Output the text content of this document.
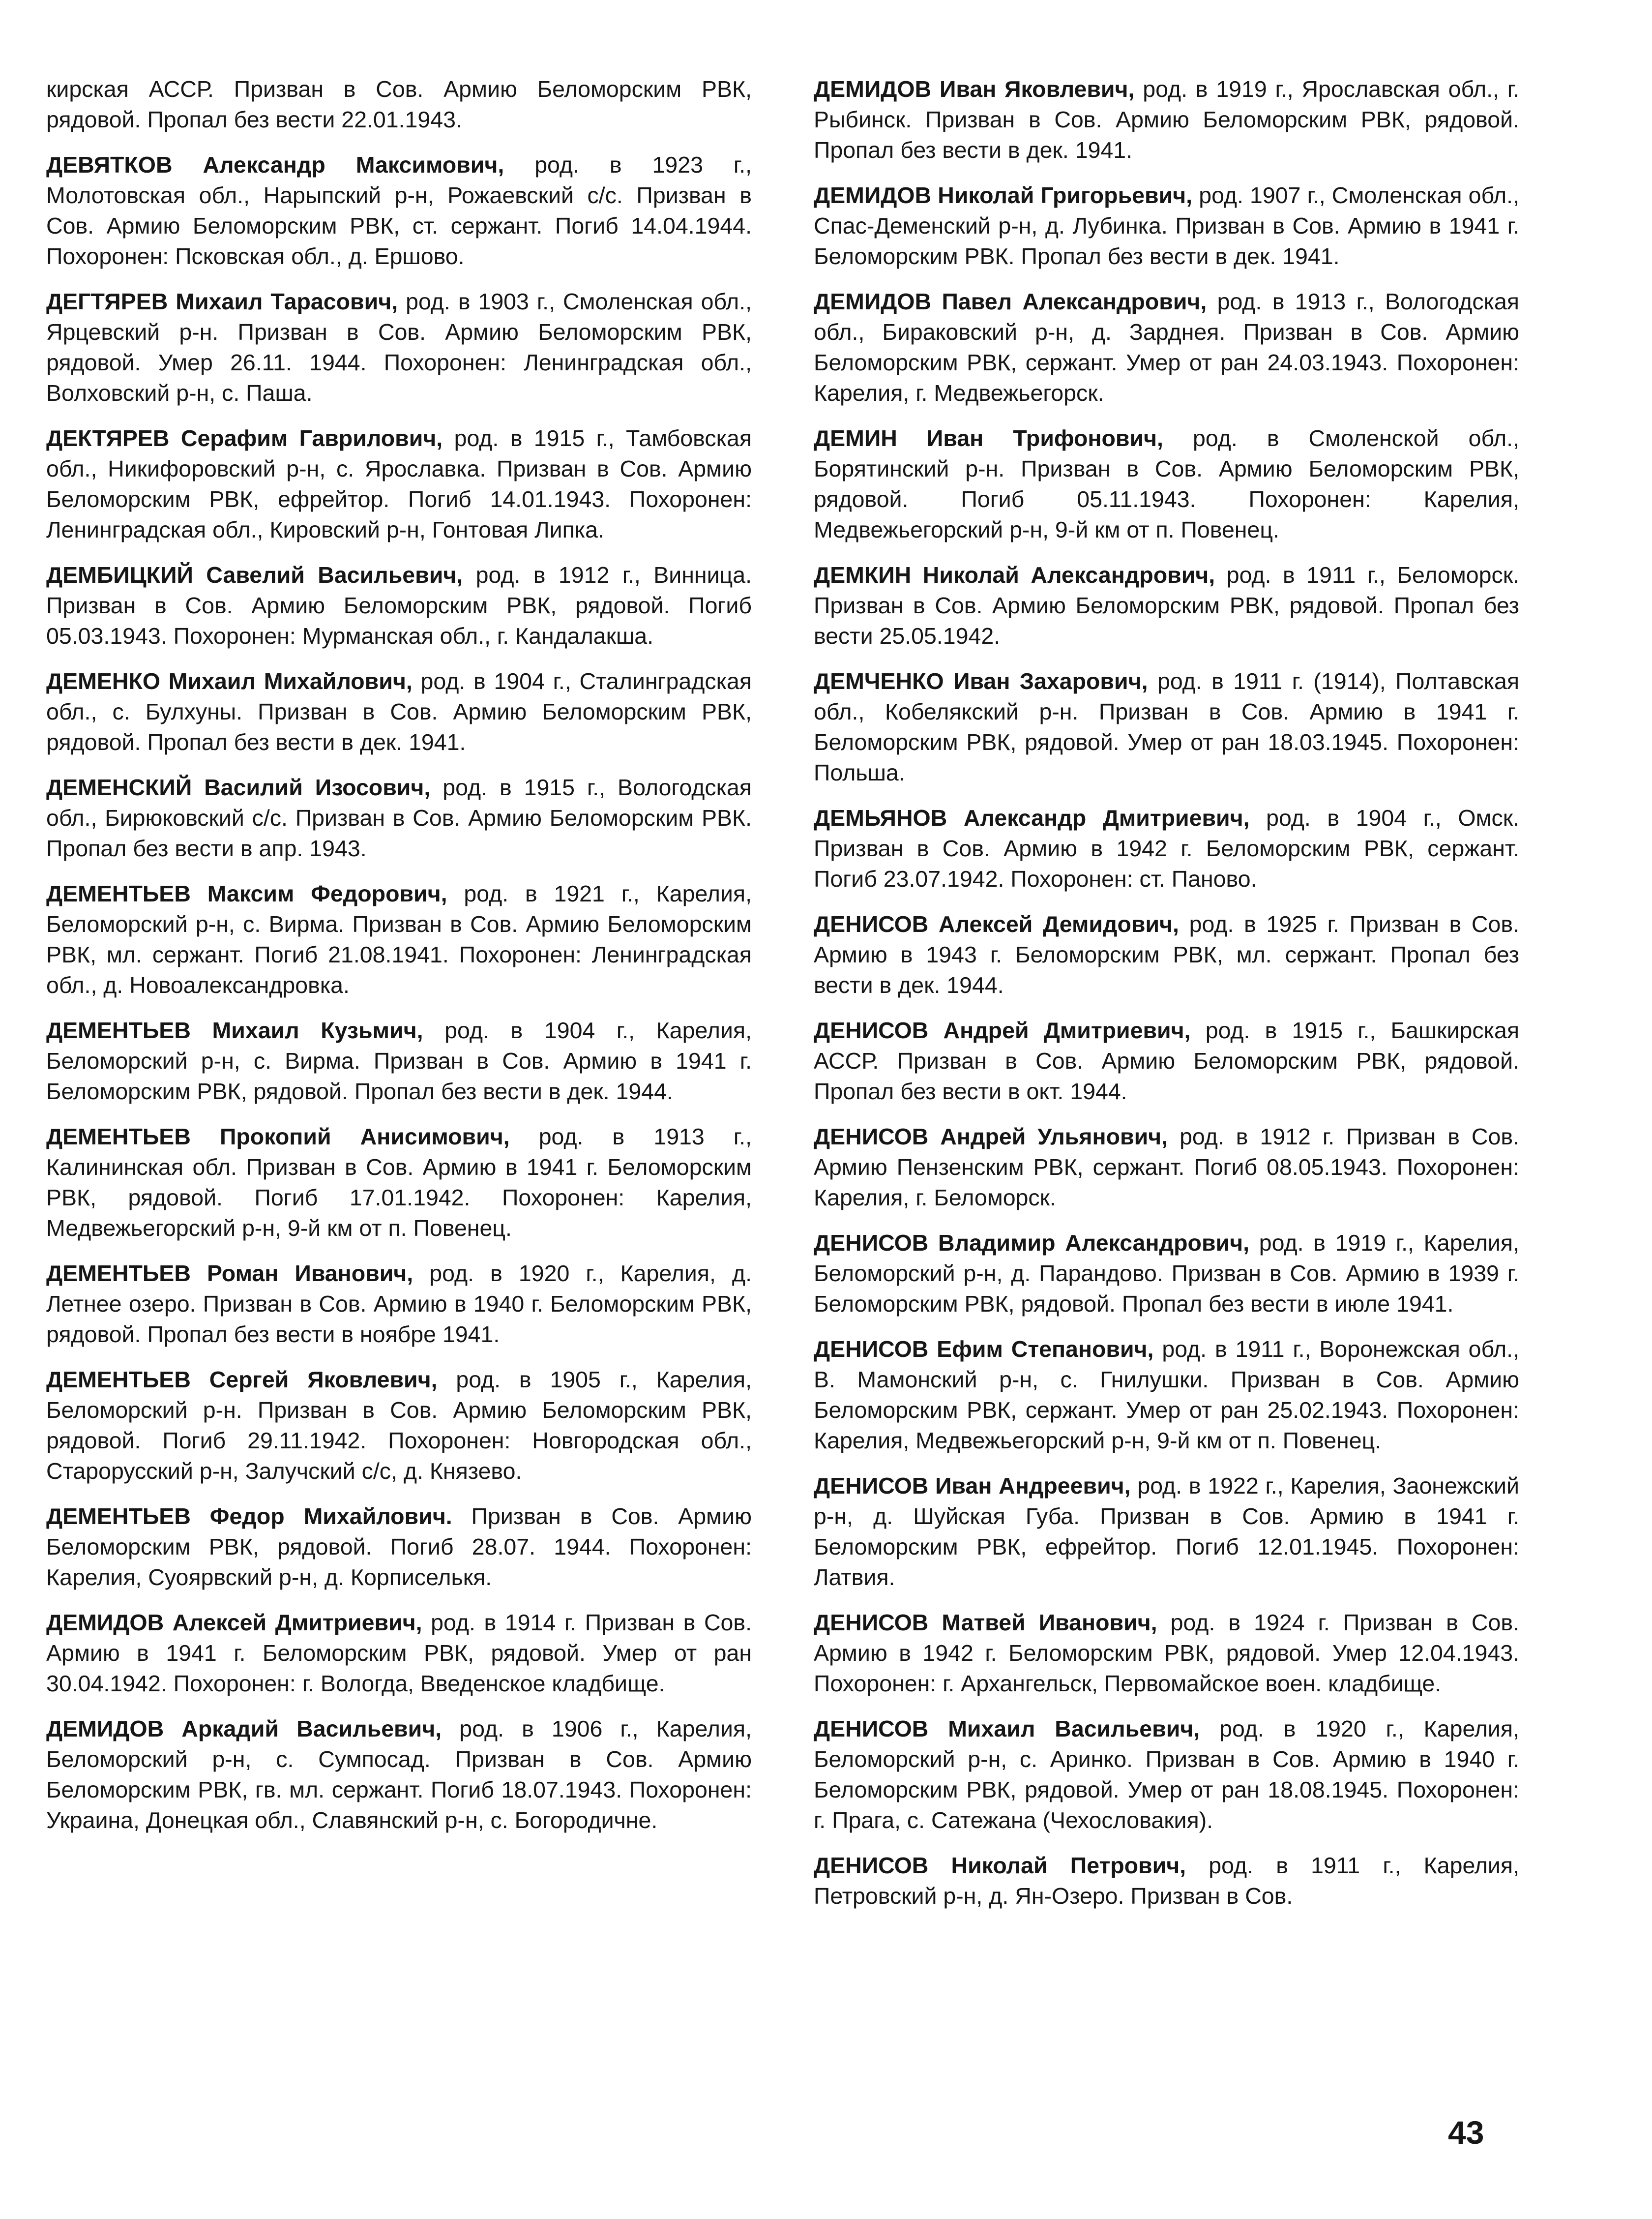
кирская АССР. Призван в Сов. Армию Беломорским РВК, рядовой. Пропал без вести 22.01.1943.

ДЕВЯТКОВ Александр Максимович, род. в 1923 г., Молотовская обл., Нарыпский р-н, Рожаевский с/с. Призван в Сов. Армию Беломорским РВК, ст. сержант. Погиб 14.04.1944. Похоронен: Псковская обл., д. Ершово.

ДЕГТЯРЕВ Михаил Тарасович, род. в 1903 г., Смоленская обл., Ярцевский р-н. Призван в Сов. Армию Беломорским РВК, рядовой. Умер 26.11. 1944. Похоронен: Ленинградская обл., Волховский р-н, с. Паша.

ДЕКТЯРЕВ Серафим Гаврилович, род. в 1915 г., Тамбовская обл., Никифоровский р-н, с. Ярославка. Призван в Сов. Армию Беломорским РВК, ефрейтор. Погиб 14.01.1943. Похоронен: Ленинградская обл., Кировский р-н, Гонтовая Липка.

ДЕМБИЦКИЙ Савелий Васильевич, род. в 1912 г., Винница. Призван в Сов. Армию Беломорским РВК, рядовой. Погиб 05.03.1943. Похоронен: Мурманская обл., г. Кандалакша.

ДЕМЕНКО Михаил Михайлович, род. в 1904 г., Сталинградская обл., с. Булхуны. Призван в Сов. Армию Беломорским РВК, рядовой. Пропал без вести в дек. 1941.

ДЕМЕНСКИЙ Василий Изосович, род. в 1915 г., Вологодская обл., Бирюковский с/с. Призван в Сов. Армию Беломорским РВК. Пропал без вести в апр. 1943.

ДЕМЕНТЬЕВ Максим Федорович, род. в 1921 г., Карелия, Беломорский р-н, с. Вирма. Призван в Сов. Армию Беломорским РВК, мл. сержант. Погиб 21.08.1941. Похоронен: Ленинградская обл., д. Новоалександровка.

ДЕМЕНТЬЕВ Михаил Кузьмич, род. в 1904 г., Карелия, Беломорский р-н, с. Вирма. Призван в Сов. Армию в 1941 г. Беломорским РВК, рядовой. Пропал без вести в дек. 1944.

ДЕМЕНТЬЕВ Прокопий Анисимович, род. в 1913 г., Калининская обл. Призван в Сов. Армию в 1941 г. Беломорским РВК, рядовой. Погиб 17.01.1942. Похоронен: Карелия, Медвежьегорский р-н, 9-й км от п. Повенец.

ДЕМЕНТЬЕВ Роман Иванович, род. в 1920 г., Карелия, д. Летнее озеро. Призван в Сов. Армию в 1940 г. Беломорским РВК, рядовой. Пропал без вести в ноябре 1941.

ДЕМЕНТЬЕВ Сергей Яковлевич, род. в 1905 г., Карелия, Беломорский р-н. Призван в Сов. Армию Беломорским РВК, рядовой. Погиб 29.11.1942. Похоронен: Новгородская обл., Старорусский р-н, Залучский с/с, д. Князево.

ДЕМЕНТЬЕВ Федор Михайлович. Призван в Сов. Армию Беломорским РВК, рядовой. Погиб 28.07. 1944. Похоронен: Карелия, Суоярвский р-н, д. Корписелькя.

ДЕМИДОВ Алексей Дмитриевич, род. в 1914 г. Призван в Сов. Армию в 1941 г. Беломорским РВК, рядовой. Умер от ран 30.04.1942. Похоронен: г. Вологда, Введенское кладбище.

ДЕМИДОВ Аркадий Васильевич, род. в 1906 г., Карелия, Беломорский р-н, с. Сумпосад. Призван в Сов. Армию Беломорским РВК, гв. мл. сержант. Погиб 18.07.1943. Похоронен: Украина, Донецкая обл., Славянский р-н, с. Богородичне.

ДЕМИДОВ Иван Яковлевич, род. в 1919 г., Ярославская обл., г. Рыбинск. Призван в Сов. Армию Беломорским РВК, рядовой. Пропал без вести в дек. 1941.

ДЕМИДОВ Николай Григорьевич, род. 1907 г., Смоленская обл., Спас-Деменский р-н, д. Лубинка. Призван в Сов. Армию в 1941 г. Беломорским РВК. Пропал без вести в дек. 1941.

ДЕМИДОВ Павел Александрович, род. в 1913 г., Вологодская обл., Бираковский р-н, д. Зарднея. Призван в Сов. Армию Беломорским РВК, сержант. Умер от ран 24.03.1943. Похоронен: Карелия, г. Медвежьегорск.

ДЕМИН Иван Трифонович, род. в Смоленской обл., Борятинский р-н. Призван в Сов. Армию Беломорским РВК, рядовой. Погиб 05.11.1943. Похоронен: Карелия, Медвежьегорский р-н, 9-й км от п. Повенец.

ДЕМКИН Николай Александрович, род. в 1911 г., Беломорск. Призван в Сов. Армию Беломорским РВК, рядовой. Пропал без вести 25.05.1942.

ДЕМЧЕНКО Иван Захарович, род. в 1911 г. (1914), Полтавская обл., Кобелякский р-н. Призван в Сов. Армию в 1941 г. Беломорским РВК, рядовой. Умер от ран 18.03.1945. Похоронен: Польша.

ДЕМЬЯНОВ Александр Дмитриевич, род. в 1904 г., Омск. Призван в Сов. Армию в 1942 г. Беломорским РВК, сержант. Погиб 23.07.1942. Похоронен: ст. Паново.

ДЕНИСОВ Алексей Демидович, род. в 1925 г. Призван в Сов. Армию в 1943 г. Беломорским РВК, мл. сержант. Пропал без вести в дек. 1944.

ДЕНИСОВ Андрей Дмитриевич, род. в 1915 г., Башкирская АССР. Призван в Сов. Армию Беломорским РВК, рядовой. Пропал без вести в окт. 1944.

ДЕНИСОВ Андрей Ульянович, род. в 1912 г. Призван в Сов. Армию Пензенским РВК, сержант. Погиб 08.05.1943. Похоронен: Карелия, г. Беломорск.

ДЕНИСОВ Владимир Александрович, род. в 1919 г., Карелия, Беломорский р-н, д. Парандово. Призван в Сов. Армию в 1939 г. Беломорским РВК, рядовой. Пропал без вести в июле 1941.

ДЕНИСОВ Ефим Степанович, род. в 1911 г., Воронежская обл., В. Мамонский р-н, с. Гнилушки. Призван в Сов. Армию Беломорским РВК, сержант. Умер от ран 25.02.1943. Похоронен: Карелия, Медвежьегорский р-н, 9-й км от п. Повенец.

ДЕНИСОВ Иван Андреевич, род. в 1922 г., Карелия, Заонежский р-н, д. Шуйская Губа. Призван в Сов. Армию в 1941 г. Беломорским РВК, ефрейтор. Погиб 12.01.1945. Похоронен: Латвия.

ДЕНИСОВ Матвей Иванович, род. в 1924 г. Призван в Сов. Армию в 1942 г. Беломорским РВК, рядовой. Умер 12.04.1943. Похоронен: г. Архангельск, Первомайское воен. кладбище.

ДЕНИСОВ Михаил Васильевич, род. в 1920 г., Карелия, Беломорский р-н, с. Аринко. Призван в Сов. Армию в 1940 г. Беломорским РВК, рядовой. Умер от ран 18.08.1945. Похоронен: г. Прага, с. Сатежана (Чехословакия).

ДЕНИСОВ Николай Петрович, род. в 1911 г., Карелия, Петровский р-н, д. Ян-Озеро. Призван в Сов.

43
